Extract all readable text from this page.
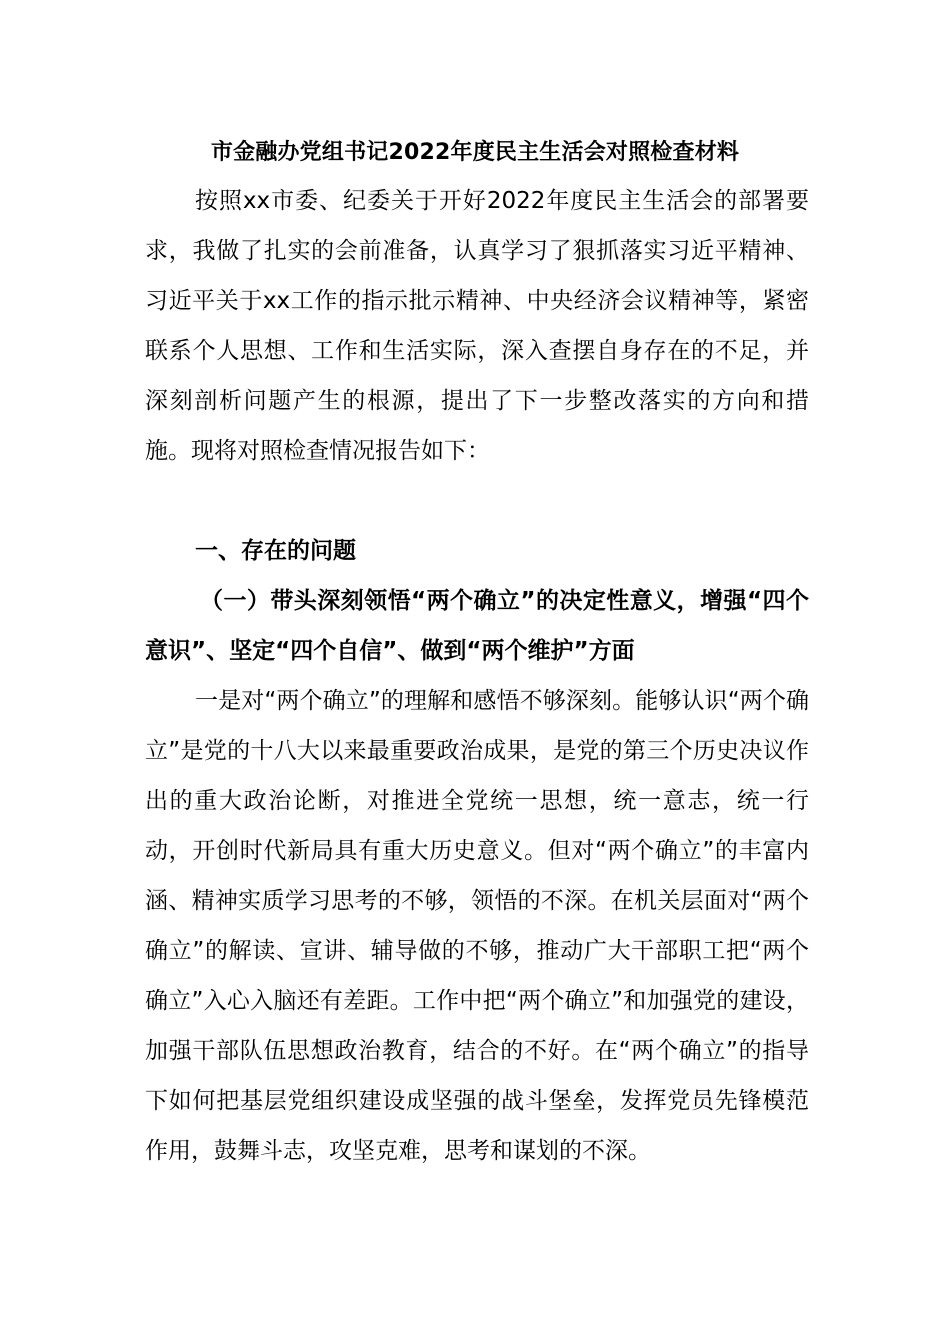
市金融办党组书记2022年度民主生活会对照检查材料

按照xx市委、纪委关于开好2022年度民主生活会的部署要求，我做了扎实的会前准备，认真学习了狠抓落实习近平精神、习近平关于xx工作的指示批示精神、中央经济会议精神等，紧密联系个人思想、工作和生活实际，深入查摆自身存在的不足，并深刻剖析问题产生的根源，提出了下一步整改落实的方向和措施。现将对照检查情况报告如下：

一、存在的问题

（一）带头深刻领悟“两个确立”的决定性意义，增强“四个意识”、坚定“四个自信”、做到“两个维护”方面

一是对“两个确立”的理解和感悟不够深刻。能够认识“两个确立”是党的十八大以来最重要政治成果，是党的第三个历史决议作出的重大政治论断，对推进全党统一思想，统一意志，统一行动，开创时代新局具有重大历史意义。但对“两个确立”的丰富内涵、精神实质学习思考的不够，领悟的不深。在机关层面对“两个确立”的解读、宣讲、辅导做的不够，推动广大干部职工把“两个确立”入心入脑还有差距。工作中把“两个确立”和加强党的建设，加强干部队伍思想政治教育，结合的不好。在“两个确立”的指导下如何把基层党组织建设成坚强的战斗堡垒，发挥党员先锋模范作用，鼓舞斗志，攻坚克难，思考和谋划的不深。
